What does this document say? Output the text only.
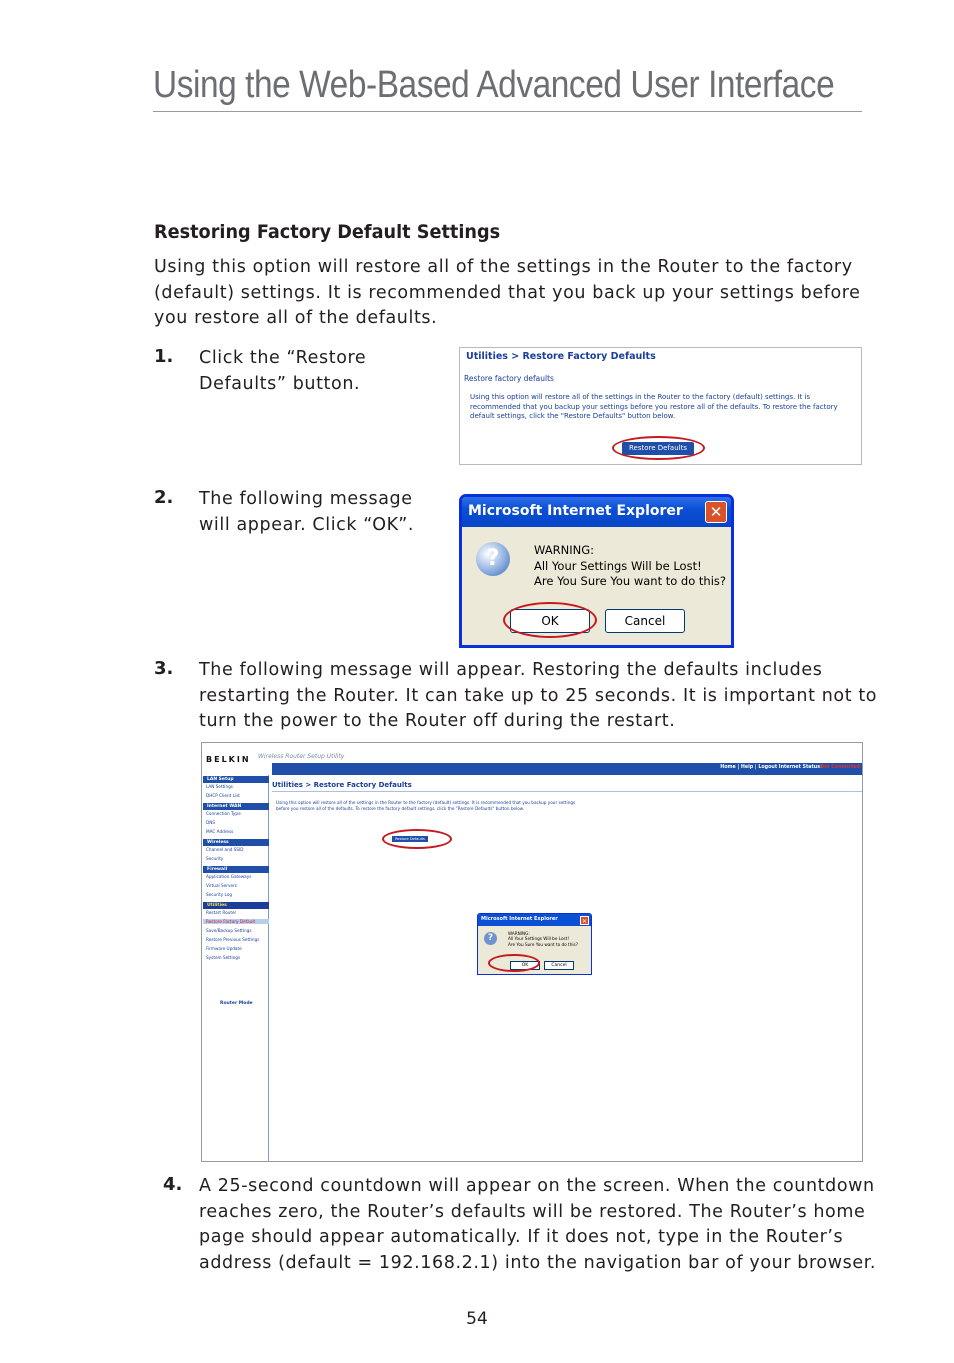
Using the Web-Based Advanced User Interface
Restoring Factory Default Settings
Using this option will restore all of the settings in the Router to the factory (default) settings. It is recommended that you back up your settings before you restore all of the defaults.
1. Click the “Restore Defaults” button.
Utilities > Restore Factory Defaults
Restore factory defaults
Using this option will restore all of the settings in the Router to the factory (default) settings. It is recommended that you backup your settings before you restore all of the defaults. To restore the factory default settings, click the "Restore Defaults" button below.
Restore Defaults
2. The following message will appear. Click “OK”.
Microsoft Internet Explorer	✕
?	WARNING:
All Your Settings Will be Lost!
Are You Sure You want to do this?
OK	Cancel
3. The following message will appear. Restoring the defaults includes restarting the Router. It can take up to 25 seconds. It is important not to turn the power to the Router off during the restart.
BELKIN Wireless Router Setup Utility
Home | Help | Logout Internet Status:
Not Connected
LAN Setup
LAN Settings
DHCP Client List
Internet WAN
Connection Type
DNS
MAC Address
Wireless
Channel and SSID
Security
Firewall
Application Gateways
Virtual Servers
Security Log
Utilities
Restart Router
Restore Factory Default
Save/Backup Settings
Restore Previous Settings
Firmware Update
System Settings
Router Mode
Utilities > Restore Factory Defaults
Using this option will restore all of the settings in the Router to the factory (default) settings. It is recommended that you backup your settings before you restore all of the defaults. To restore the factory default settings, click the "Restore Defaults" button below.
Restore Defaults
Microsoft Internet Explorer	✕
?	WARNING:
All Your Settings Will be Lost!
Are You Sure You want to do this?
OK	Cancel
4. A 25-second countdown will appear on the screen. When the countdown reaches zero, the Router’s defaults will be restored. The Router’s home page should appear automatically. If it does not, type in the Router’s address (default = 192.168.2.1) into the navigation bar of your browser.
54
